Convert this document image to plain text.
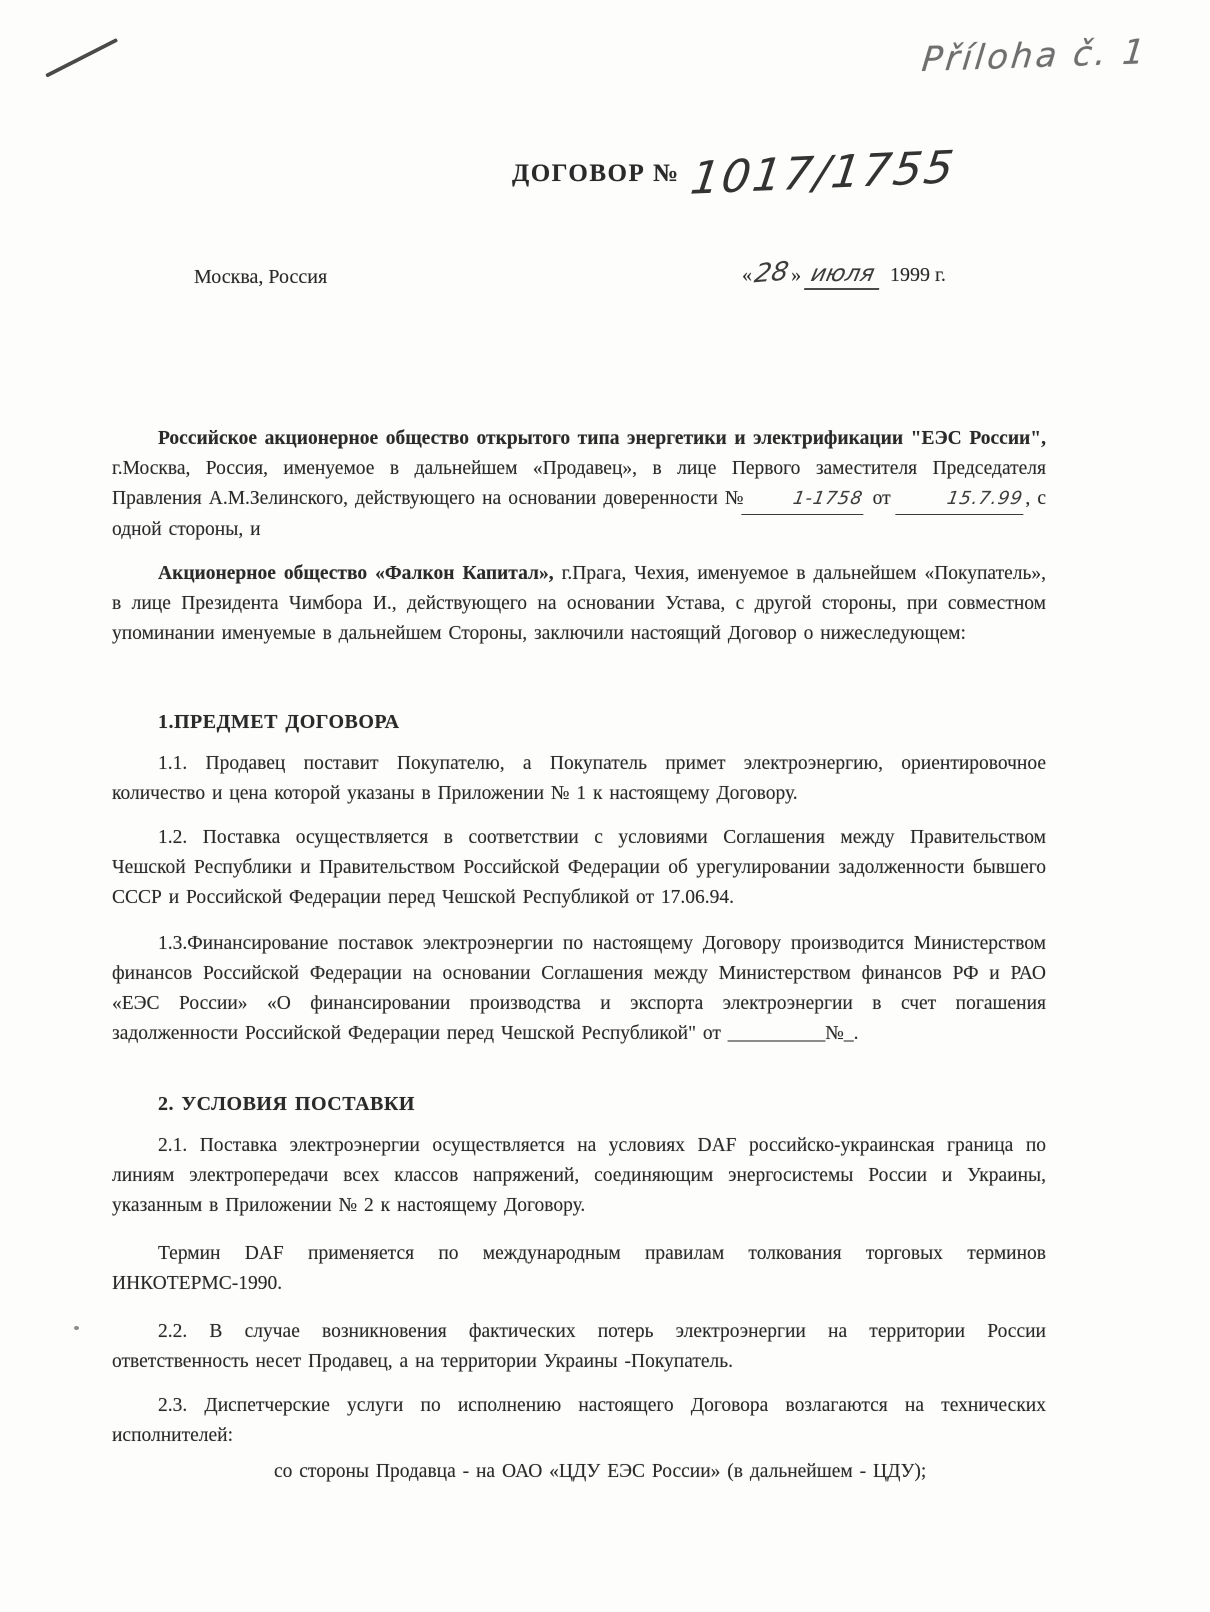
Příloha č. 1
ДОГОВОР № 1017/1755
Москва, Россия	«28» июля 1999 г.

Российское акционерное общество открытого типа энергетики и электрификации "ЕЭС России", г.Москва, Россия, именуемое в дальнейшем «Продавец», в лице Первого заместителя Председателя Правления А.М.Зелинского, действующего на основании доверенности №	1-1758 от	15.7.99, с одной стороны, и

Акционерное общество «Фалкон Капитал», г.Прага, Чехия, именуемое в дальнейшем «Покупатель», в лице Президента Чимбора И., действующего на основании Устава, с другой стороны, при совместном упоминании именуемые в дальнейшем Стороны, заключили настоящий Договор о нижеследующем:

1.ПРЕДМЕТ ДОГОВОРА

1.1. Продавец поставит Покупателю, а Покупатель примет электроэнергию, ориентировочное количество и цена которой указаны в Приложении № 1 к настоящему Договору.

1.2. Поставка осуществляется в соответствии с условиями Соглашения между Правительством Чешской Республики и Правительством Российской Федерации об урегулировании задолженности бывшего СССР и Российской Федерации перед Чешской Республикой от 17.06.94.

1.3.Финансирование поставок электроэнергии по настоящему Договору производится Министерством финансов Российской Федерации на основании Соглашения между Министерством финансов РФ и РАО «ЕЭС России» «О финансировании производства и экспорта электроэнергии в счет погашения задолженности Российской Федерации перед Чешской Республикой" от __________№_.

2. УСЛОВИЯ ПОСТАВКИ

2.1. Поставка электроэнергии осуществляется на условиях DAF российско-украинская граница по линиям электропередачи всех классов напряжений, соединяющим энергосистемы России и Украины, указанным в Приложении № 2 к настоящему Договору.

Термин DAF применяется по международным правилам толкования торговых терминов ИНКОТЕРМС-1990.

2.2. В случае возникновения фактических потерь электроэнергии на территории России ответственность несет Продавец, а на территории Украины -Покупатель.

2.3. Диспетчерские услуги по исполнению настоящего Договора возлагаются на технических исполнителей:

со стороны Продавца - на ОАО «ЦДУ ЕЭС России» (в дальнейшем - ЦДУ);
